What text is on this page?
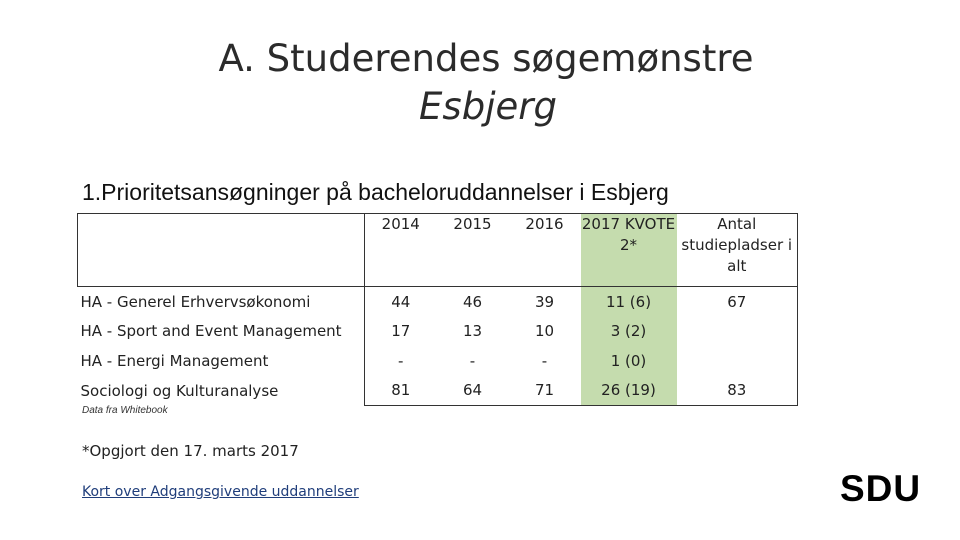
A. Studerendes søgemønstre
Esbjerg
1.Prioritetsansøgninger på bacheloruddannelser i Esbjerg
	2014	2015	2016	2017 KVOTE 2*	Antal studiepladser i alt
HA - Generel Erhvervsøkonomi	44	46	39	11 (6)	67
HA - Sport and Event Management	17	13	10	3 (2)	
HA - Energi Management	-	-	-	1 (0)	
Sociologi og Kulturanalyse	81	64	71	26 (19)	83
Data fra Whitebook
*Opgjort den 17. marts 2017
Kort over Adgangsgivende uddannelser	SDU
